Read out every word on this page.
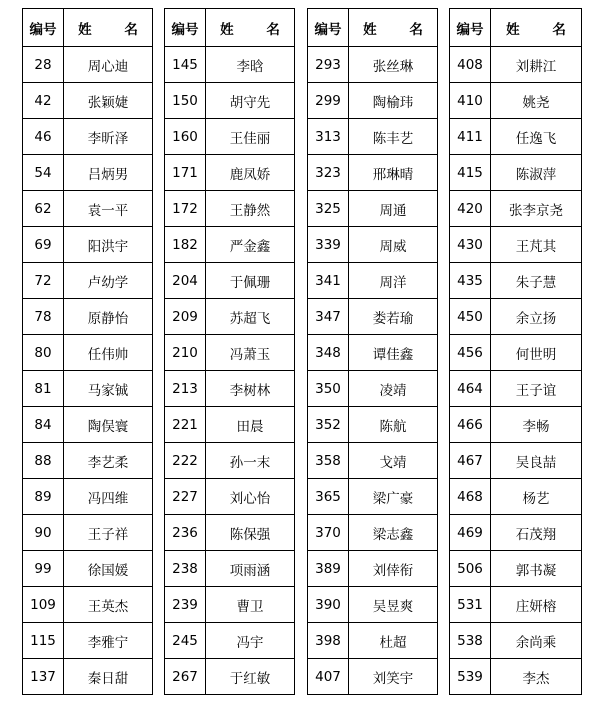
编号	姓 名
28	周心迪
42	张颖婕
46	李昕泽
54	吕炳男
62	袁一平
69	阳洪宇
72	卢幼学
78	原静怡
80	任伟帅
81	马家铖
84	陶俣寰
88	李艺柔
89	冯四维
90	王子祥
99	徐国媛
109	王英杰
115	李雅宁
137	秦日甜
编号	姓 名
145	李晗
150	胡守先
160	王佳丽
171	鹿凤娇
172	王静然
182	严金鑫
204	于佩珊
209	苏超飞
210	冯萧玉
213	李树林
221	田晨
222	孙一末
227	刘心怡
236	陈保强
238	项雨涵
239	曹卫
245	冯宇
267	于红敏
编号	姓 名
293	张丝琳
299	陶榆玮
313	陈丰艺
323	邢琳晴
325	周通
339	周威
341	周洋
347	娄若瑜
348	谭佳鑫
350	凌靖
352	陈航
358	戈靖
365	梁广豪
370	梁志鑫
389	刘倖衔
390	吴昱爽
398	杜超
407	刘笑宇
编号	姓 名
408	刘耕江
410	姚尧
411	任逸飞
415	陈淑萍
420	张李京尧
430	王芃其
435	朱子慧
450	余立扬
456	何世明
464	王子谊
466	李畅
467	吴良喆
468	杨艺
469	石茂翔
506	郭书凝
531	庄妍榕
538	余尚乘
539	李杰
